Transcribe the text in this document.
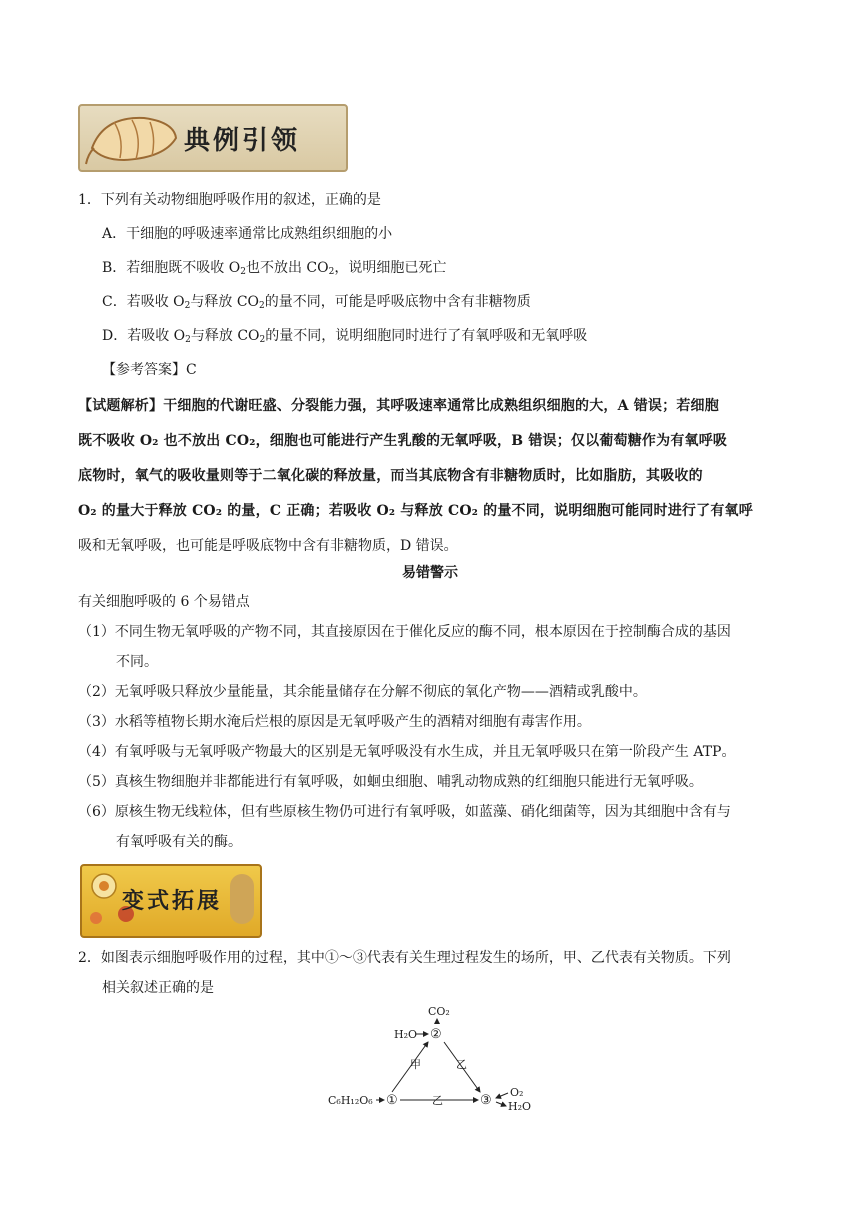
典例引领
1．下列有关动物细胞呼吸作用的叙述，正确的是
A．干细胞的呼吸速率通常比成熟组织细胞的小
B．若细胞既不吸收 $O_2$也不放出 $CO_2$，说明细胞已死亡
C．若吸收 $O_2$与释放 $CO_2$的量不同，可能是呼吸底物中含有非糖物质
D．若吸收 $O_2$与释放 $CO_2$的量不同，说明细胞同时进行了有氧呼吸和无氧呼吸
【参考答案】C
【试题解析】干细胞的代谢旺盛、分裂能力强，其呼吸速率通常比成熟组织细胞的大，A 错误；若细胞
既不吸收 O₂ 也不放出 CO₂，细胞也可能进行产生乳酸的无氧呼吸，B 错误；仅以葡萄糖作为有氧呼吸
底物时，氧气的吸收量则等于二氧化碳的释放量，而当其底物含有非糖物质时，比如脂肪，其吸收的
O₂ 的量大于释放 CO₂ 的量，C 正确；若吸收 O₂ 与释放 CO₂ 的量不同，说明细胞可能同时进行了有氧呼
吸和无氧呼吸，也可能是呼吸底物中含有非糖物质，D 错误。
易错警示
有关细胞呼吸的 6 个易错点
（1）不同生物无氧呼吸的产物不同，其直接原因在于催化反应的酶不同，根本原因在于控制酶合成的基因
不同。
（2）无氧呼吸只释放少量能量，其余能量储存在分解不彻底的氧化产物——酒精或乳酸中。
（3）水稻等植物长期水淹后烂根的原因是无氧呼吸产生的酒精对细胞有毒害作用。
（4）有氧呼吸与无氧呼吸产物最大的区别是无氧呼吸没有水生成，并且无氧呼吸只在第一阶段产生 ATP。
（5）真核生物细胞并非都能进行有氧呼吸，如蛔虫细胞、哺乳动物成熟的红细胞只能进行无氧呼吸。
（6）原核生物无线粒体，但有些原核生物仍可进行有氧呼吸，如蓝藻、硝化细菌等，因为其细胞中含有与
有氧呼吸有关的酶。
变式拓展
2．如图表示细胞呼吸作用的过程，其中①～③代表有关生理过程发生的场所，甲、乙代表有关物质。下列
相关叙述正确的是
CO₂
H₂O ②
甲	乙
C₆H₁₂O₆ ①	乙	③
O₂
H₂O
